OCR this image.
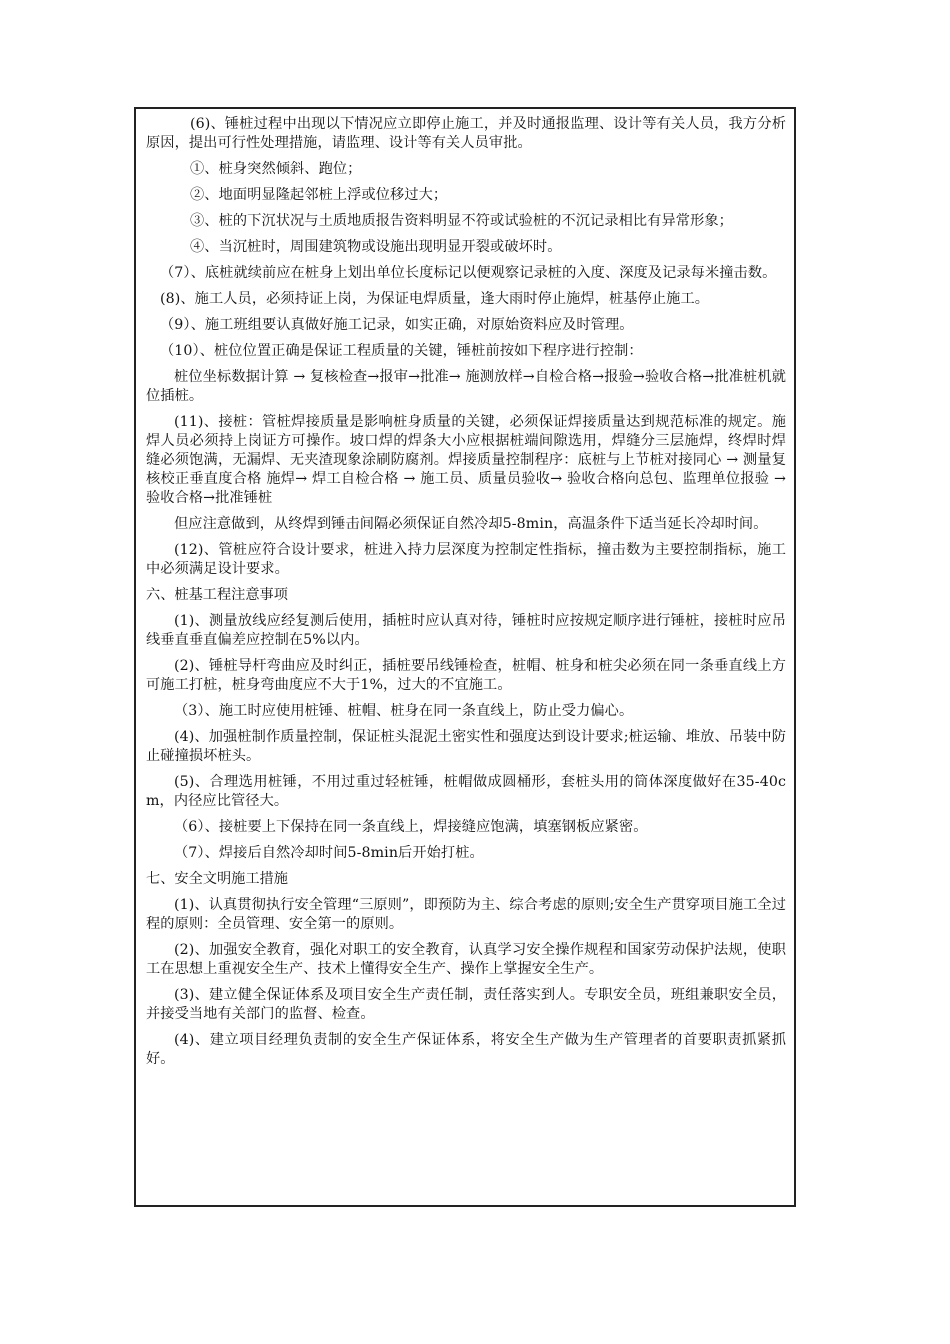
(6)、锤桩过程中出现以下情况应立即停止施工，并及时通报监理、设计等有关人员，我方分析原因，提出可行性处理措施，请监理、设计等有关人员审批。

①、桩身突然倾斜、跑位；

②、地面明显隆起邻桩上浮或位移过大；

③、桩的下沉状况与土质地质报告资料明显不符或试验桩的不沉记录相比有异常形象；

④、当沉桩时，周围建筑物或设施出现明显开裂或破坏时。

（7）、底桩就续前应在桩身上划出单位长度标记以便观察记录桩的入度、深度及记录每米撞击数。

(8)、施工人员，必须持证上岗，为保证电焊质量，逢大雨时停止施焊，桩基停止施工。

（9）、施工班组要认真做好施工记录，如实正确，对原始资料应及时管理。

（10）、桩位位置正确是保证工程质量的关键，锤桩前按如下程序进行控制：

桩位坐标数据计算 → 复核检查→报审→批准→ 施测放样→自检合格→报验→验收合格→批准桩机就位插桩。

(11)、接桩：管桩焊接质量是影响桩身质量的关键，必须保证焊接质量达到规范标准的规定。施焊人员必须持上岗证方可操作。坡口焊的焊条大小应根据桩端间隙选用，焊缝分三层施焊，终焊时焊缝必须饱满，无漏焊、无夹渣现象涂刷防腐剂。焊接质量控制程序：底桩与上节桩对接同心 → 测量复核校正垂直度合格 施焊→ 焊工自检合格 → 施工员、质量员验收→ 验收合格向总包、监理单位报验 → 验收合格→批准锤桩

但应注意做到，从终焊到锤击间隔必须保证自然冷却5-8min，高温条件下适当延长冷却时间。

(12)、管桩应符合设计要求，桩进入持力层深度为控制定性指标，撞击数为主要控制指标，施工中必须满足设计要求。

六、桩基工程注意事项

(1)、测量放线应经复测后使用，插桩时应认真对待，锤桩时应按规定顺序进行锤桩，接桩时应吊线垂直垂直偏差应控制在5%以内。

(2)、锤桩导杆弯曲应及时纠正，插桩要吊线锤检查，桩帽、桩身和桩尖必须在同一条垂直线上方可施工打桩，桩身弯曲度应不大于1%，过大的不宜施工。

（3）、施工时应使用桩锤、桩帽、桩身在同一条直线上，防止受力偏心。

(4)、加强桩制作质量控制，保证桩头混泥土密实性和强度达到设计要求;桩运输、堆放、吊装中防止碰撞损坏桩头。

(5)、合理选用桩锤，不用过重过轻桩锤，桩帽做成圆桶形，套桩头用的筒体深度做好在35-40cm，内径应比管径大。

（6）、接桩要上下保持在同一条直线上，焊接缝应饱满，填塞钢板应紧密。

（7）、焊接后自然冷却时间5-8min后开始打桩。

七、安全文明施工措施

(1)、认真贯彻执行安全管理“三原则”，即预防为主、综合考虑的原则;安全生产贯穿项目施工全过程的原则：全员管理、安全第一的原则。

(2)、加强安全教育，强化对职工的安全教育，认真学习安全操作规程和国家劳动保护法规，使职工在思想上重视安全生产、技术上懂得安全生产、操作上掌握安全生产。

(3)、建立健全保证体系及项目安全生产责任制，责任落实到人。专职安全员，班组兼职安全员，并接受当地有关部门的监督、检查。

(4)、建立项目经理负责制的安全生产保证体系，将安全生产做为生产管理者的首要职责抓紧抓好。
